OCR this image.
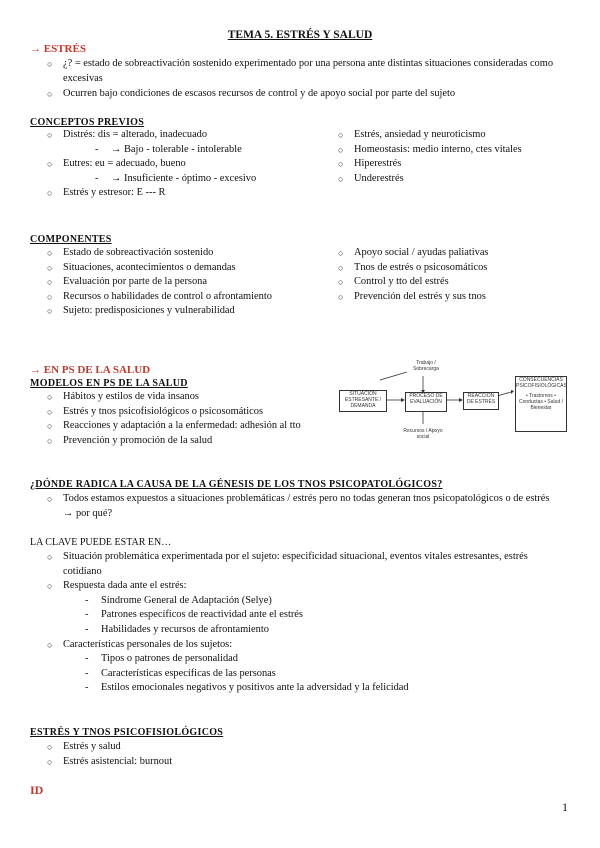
TEMA 5. ESTRÉS Y SALUD
→ ESTRÉS
○ ¿? = estado de sobreactivación sostenido experimentado por una persona ante distintas situaciones consideradas como excesivas
○ Ocurren bajo condiciones de escasos recursos de control y de apoyo social por parte del sujeto
CONCEPTOS PREVIOS
○ Distrés: dis = alterado, inadecuado
- → Bajo - tolerable - intolerable
○ Eutres: eu = adecuado, bueno
- → Insuficiente - óptimo - excesivo
○ Estrés y estresor: E --- R
○ Estrés, ansiedad y neuroticismo
○ Homeostasis: medio interno, ctes vitales
○ Hiperestrés
○ Underestrés
COMPONENTES
○ Estado de sobreactivación sostenido
○ Situaciones, acontecimientos o demandas
○ Evaluación por parte de la persona
○ Recursos o habilidades de control o afrontamiento
○ Sujeto: predisposiciones y vulnerabilidad
○ Apoyo social / ayudas paliativas
○ Tnos de estrés o psicosomáticos
○ Control y tto del estrés
○ Prevención del estrés y sus tnos
→ EN PS DE LA SALUD
MODELOS EN PS DE LA SALUD
○ Hábitos y estilos de vida insanos
○ Estrés y tnos psicofisiológicos o psicosomáticos
○ Reacciones y adaptación a la enfermedad: adhesión al tto
○ Prevención y promoción de la salud
Trabajo / Sobrecarga
SITUACIÓN ESTRESANTE / DEMANDA
PROCESO DE EVALUACIÓN
REACCIÓN DE ESTRÉS
CONSECUENCIAS PSICOFISIOLÓGICAS
• Trastornos • Conductas • Salud / Bienestar
Recursos / Apoyo social
¿DÓNDE RADICA LA CAUSA DE LA GÉNESIS DE LOS TNOS PSICOPATOLÓGICOS?
○ Todos estamos expuestos a situaciones problemáticas / estrés pero no todas generan tnos psicopatológicos o de estrés → por qué?
LA CLAVE PUEDE ESTAR EN…
○ Situación problemática experimentada por el sujeto: especificidad situacional, eventos vitales estresantes, estrés cotidiano
○ Respuesta dada ante el estrés:
- Síndrome General de Adaptación (Selye)
- Patrones específicos de reactividad ante el estrés
- Habilidades y recursos de afrontamiento
○ Características personales de los sujetos:
- Tipos o patrones de personalidad
- Características específicas de las personas
- Estilos emocionales negativos y positivos ante la adversidad y la felicidad
ESTRÉS Y TNOS PSICOFISIOLÓGICOS
○ Estrés y salud
○ Estrés asistencial: burnout
ID
1
